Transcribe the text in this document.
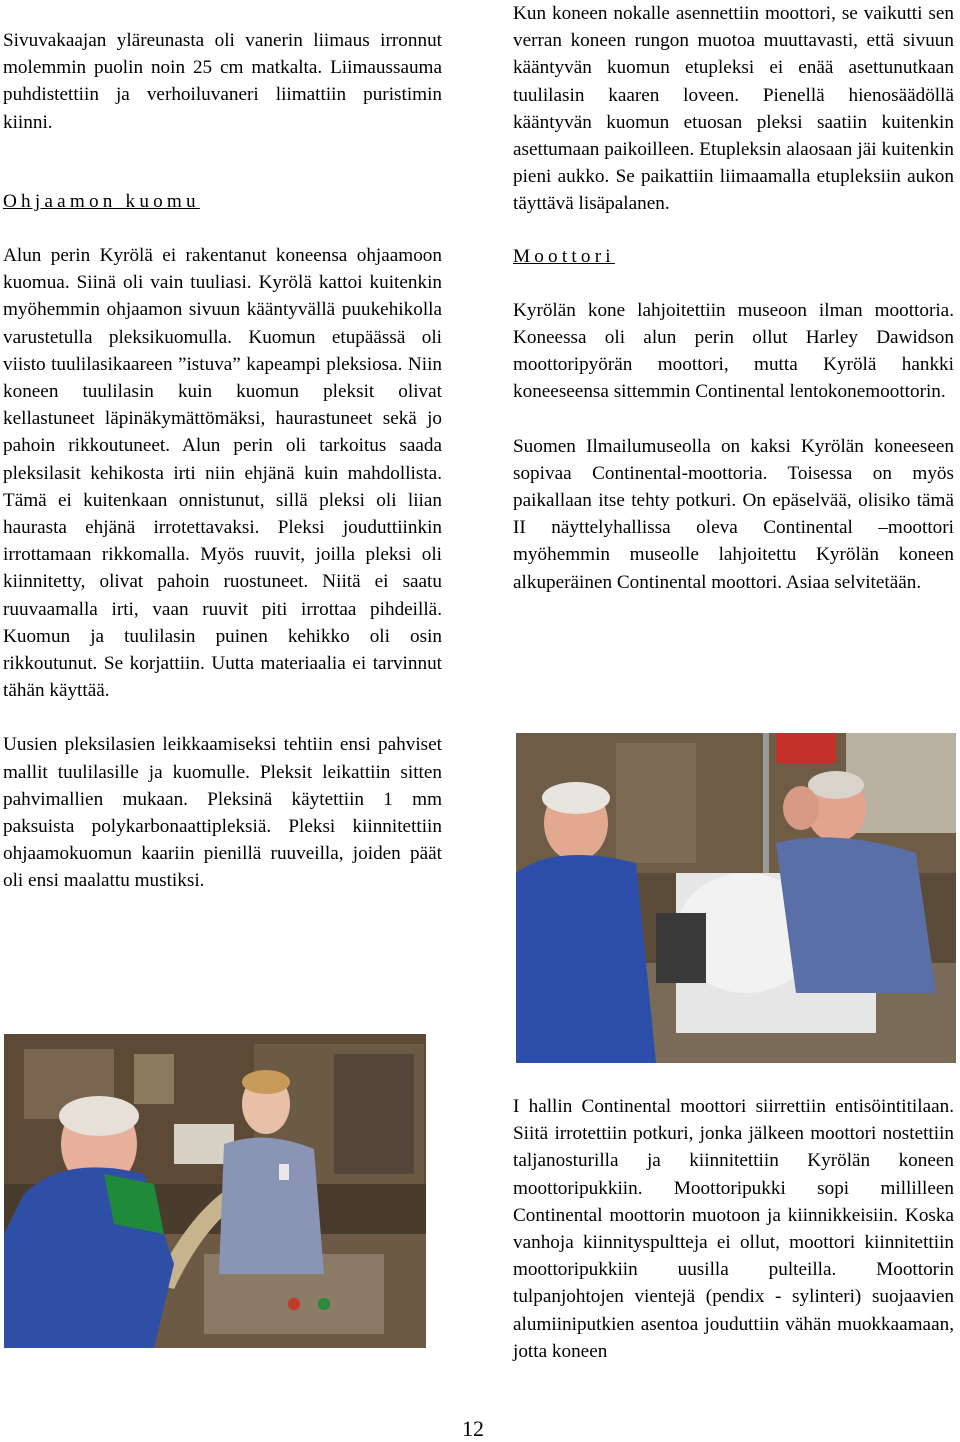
Sivuvakaajan yläreunasta oli vanerin liimaus irronnut molemmin puolin noin 25 cm matkalta. Liimaussauma puhdistettiin ja verhoiluvaneri liimattiin puristimin kiinni.

Ohjaamon kuomu

Alun perin Kyrölä ei rakentanut koneensa ohjaamoon kuomua. Siinä oli vain tuuliasi. Kyrölä kattoi kuitenkin myöhemmin ohjaamon sivuun kääntyvällä puukehikolla varustetulla pleksikuomulla. Kuomun etupäässä oli viisto tuulilasikaareen ”istuva” kapeampi pleksiosa. Niin koneen tuulilasin kuin kuomun pleksit olivat kellastuneet läpinäkymättömäksi, haurastuneet sekä jo pahoin rikkoutuneet. Alun perin oli tarkoitus saada pleksilasit kehikosta irti niin ehjänä kuin mahdollista. Tämä ei kuitenkaan onnistunut, sillä pleksi oli liian haurasta ehjänä irrotettavaksi. Pleksi jouduttiinkin irrottamaan rikkomalla. Myös ruuvit, joilla pleksi oli kiinnitetty, olivat pahoin ruostuneet. Niitä ei saatu ruuvaamalla irti, vaan ruuvit piti irrottaa pihdeillä. Kuomun ja tuulilasin puinen kehikko oli osin rikkoutunut. Se korjattiin. Uutta materiaalia ei tarvinnut tähän käyttää.

Uusien pleksilasien leikkaamiseksi tehtiin ensi pahviset mallit tuulilasille ja kuomulle. Pleksit leikattiin sitten pahvimallien mukaan. Pleksinä käytettiin 1 mm paksuista polykarbonaattipleksiä. Pleksi kiinnitettiin ohjaamokuomun kaariin pienillä ruuveilla, joiden päät oli ensi maalattu mustiksi.

Kun koneen nokalle asennettiin moottori, se vaikutti sen verran koneen rungon muotoa muuttavasti, että sivuun kääntyvän kuomun etupleksi ei enää asettunutkaan tuulilasin kaaren loveen. Pienellä hienosäädöllä kääntyvän kuomun etuosan pleksi saatiin kuitenkin asettumaan paikoilleen. Etupleksin alaosaan jäi kuitenkin pieni aukko. Se paikattiin liimaamalla etupleksiin aukon täyttävä lisäpalanen.

Moottori

Kyrölän kone lahjoitettiin museoon ilman moottoria. Koneessa oli alun perin ollut Harley Dawidson moottoripyörän moottori, mutta Kyrölä hankki koneeseensa sittemmin Continental lentokonemoottorin.

Suomen Ilmailumuseolla on kaksi Kyrölän koneeseen sopivaa Continental-moottoria. Toisessa on myös paikallaan itse tehty potkuri. On epäselvää, olisiko tämä II näyttelyhallissa oleva Continental –moottori myöhemmin museolle lahjoitettu Kyrölän koneen alkuperäinen Continental moottori. Asiaa selvitetään.

I hallin Continental moottori siirrettiin entisöintitilaan. Siitä irrotettiin potkuri, jonka jälkeen moottori nostettiin taljanosturilla ja kiinnitettiin Kyrölän koneen moottoripukkiin. Moottoripukki sopi millilleen Continental moottorin muotoon ja kiinnikkeisiin. Koska vanhoja kiinnityspultteja ei ollut, moottori kiinnitettiin moottoripukkiin uusilla pulteilla. Moottorin tulpanjohtojen vientejä (pendix - sylinteri) suojaavien alumiiniputkien asentoa jouduttiin vähän muokkaamaan, jotta koneen

12
